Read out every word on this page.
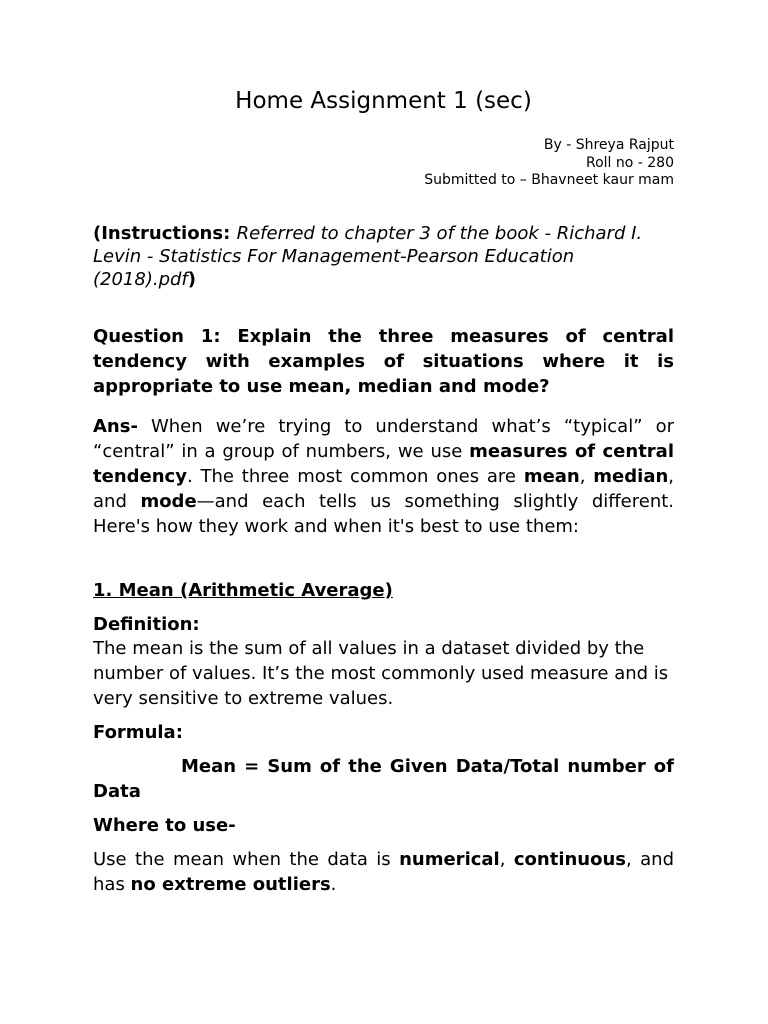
Home Assignment 1 (sec)
By - Shreya Rajput
Roll no - 280
Submitted to – Bhavneet kaur mam
(Instructions: Referred to chapter 3 of the book - Richard I. Levin - Statistics For Management-Pearson Education (2018).pdf)
Question 1: Explain the three measures of central tendency with examples of situations where it is appropriate to use mean, median and mode?
Ans- When we’re trying to understand what’s “typical” or “central” in a group of numbers, we use measures of central tendency. The three most common ones are mean, median, and mode—and each tells us something slightly different. Here's how they work and when it's best to use them:
1. Mean (Arithmetic Average)
Definition:
The mean is the sum of all values in a dataset divided by the number of values. It’s the most commonly used measure and is very sensitive to extreme values.
Formula:
Mean = Sum of the Given Data/Total number of Data
Where to use-
Use the mean when the data is numerical, continuous, and has no extreme outliers.
